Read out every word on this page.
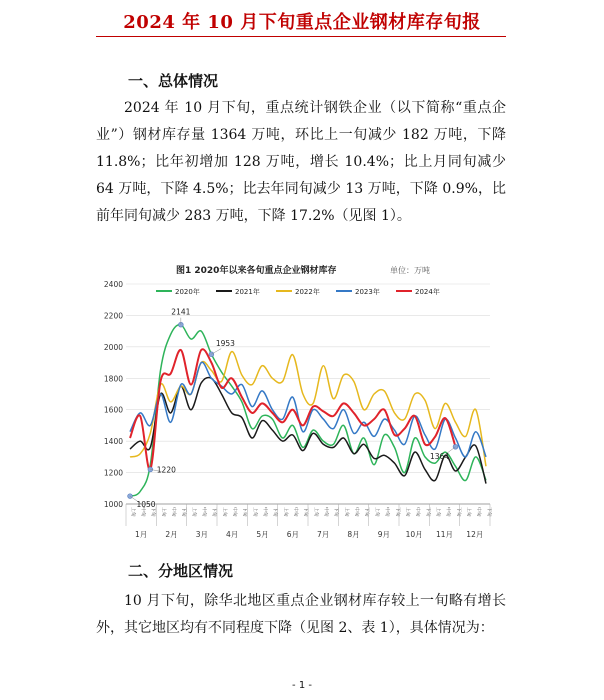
2024 年 10 月下旬重点企业钢材库存旬报
一、总体情况
2024 年 10 月下旬，重点统计钢铁企业（以下简称“重点企业”）钢材库存量 1364 万吨，环比上一旬减少 182 万吨，下降 11.8%；比年初增加 128 万吨，增长 10.4%；比上月同旬减少 64 万吨，下降 4.5%；比去年同旬减少 13 万吨，下降 0.9%，比前年同旬减少 283 万吨，下降 17.2%（见图 1）。
图1 2020年以来各旬重点企业钢材库存	单位：万吨
1000
1200
1400
1600
1800
2000
2200
2400
上旬	中旬	下旬	上旬	中旬	下旬	上旬	中旬	下旬	上旬	中旬	下旬	上旬	中旬	下旬	上旬	中旬	下旬	上旬	中旬	下旬	上旬	中旬	下旬	上旬	中旬	下旬	上旬	中旬	下旬	上旬	中旬	下旬	上旬	中旬	下旬
1月 2月 3月 4月 5月 6月 7月 8月 9月 10月 11月 12月
2020年	2021年	2022年	2023年	2024年
2141
1953
1220
1050
1364
二、分地区情况
10 月下旬，除华北地区重点企业钢材库存较上一旬略有增长外，其它地区均有不同程度下降（见图 2、表 1），具体情况为：
- 1 -
